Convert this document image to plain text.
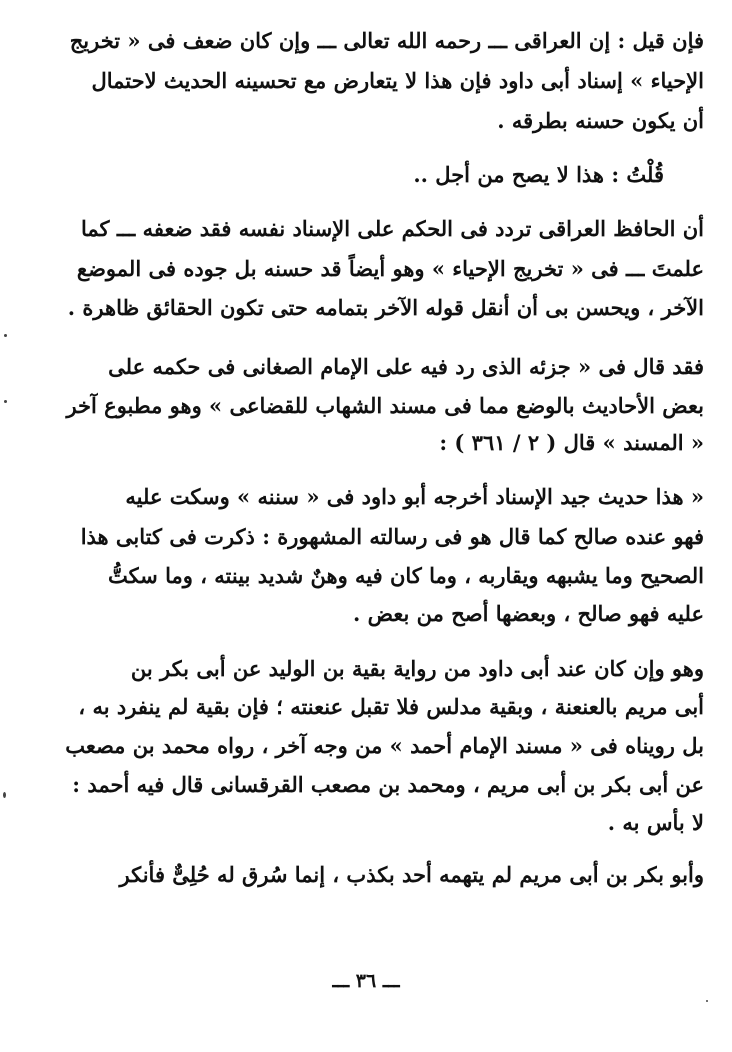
فإن قيل : إن العراقى ـــ رحمه الله تعالى ـــ وإن كان ضعف فى « تخريج
الإحياء » إسناد أبى داود فإن هذا لا يتعارض مع تحسينه الحديث لاحتمال
أن يكون حسنه بطرقه .
قُلْتُ : هذا لا يصح من أجل ..
أن الحافظ العراقى تردد فى الحكم على الإسناد نفسه فقد ضعفه ـــ كما
علمتَ ـــ فى « تخريج الإحياء » وهو أيضاً قد حسنه بل جوده فى الموضع
الآخر ، ويحسن بى أن أنقل قوله الآخر بتمامه حتى تكون الحقائق ظاهرة .
فقد قال فى « جزئه الذى رد فيه على الإمام الصغانى فى حكمه على
بعض الأحاديث بالوضع مما فى مسند الشهاب للقضاعى » وهو مطبوع آخر
« المسند » قال ( ٢ / ٣٦١ ) :
« هذا حديث جيد الإسناد أخرجه أبو داود فى « سننه » وسكت عليه
فهو عنده صالح كما قال هو فى رسالته المشهورة : ذكرت فى كتابى هذا
الصحيح وما يشبهه ويقاربه ، وما كان فيه وهنٌ شديد بينته ، وما سكتُّ
عليه فهو صالح ، وبعضها أصح من بعض .
وهو وإن كان عند أبى داود من رواية بقية بن الوليد عن أبى بكر بن
أبى مريم بالعنعنة ، وبقية مدلس فلا تقبل عنعنته ؛ فإن بقية لم ينفرد به ،
بل رويناه فى « مسند الإمام أحمد » من وجه آخر ، رواه محمد بن مصعب
عن أبى بكر بن أبى مريم ، ومحمد بن مصعب القرقسانى قال فيه أحمد :
لا بأس به .
وأبو بكر بن أبى مريم لم يتهمه أحد بكذب ، إنما سُرق له حُلِىٌّ فأنكر
ـــ ٣٦ ـــ
